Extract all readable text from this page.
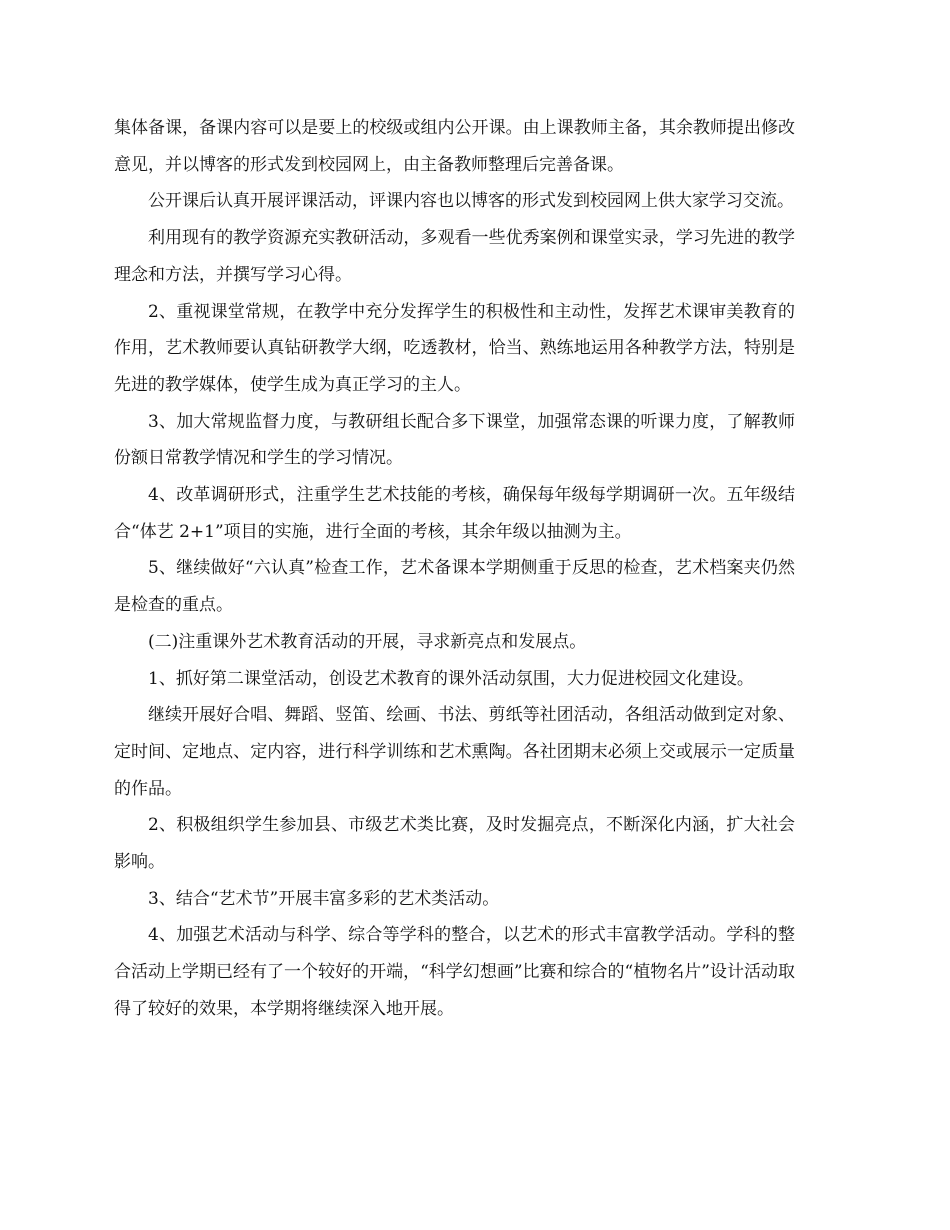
集体备课，备课内容可以是要上的校级或组内公开课。由上课教师主备，其余教师提出修改意见，并以博客的形式发到校园网上，由主备教师整理后完善备课。

公开课后认真开展评课活动，评课内容也以博客的形式发到校园网上供大家学习交流。

利用现有的教学资源充实教研活动，多观看一些优秀案例和课堂实录，学习先进的教学理念和方法，并撰写学习心得。

2、重视课堂常规，在教学中充分发挥学生的积极性和主动性，发挥艺术课审美教育的作用，艺术教师要认真钻研教学大纲，吃透教材，恰当、熟练地运用各种教学方法，特别是先进的教学媒体，使学生成为真正学习的主人。

3、加大常规监督力度，与教研组长配合多下课堂，加强常态课的听课力度，了解教师份额日常教学情况和学生的学习情况。

4、改革调研形式，注重学生艺术技能的考核，确保每年级每学期调研一次。五年级结合“体艺 2+1”项目的实施，进行全面的考核，其余年级以抽测为主。

5、继续做好“六认真”检查工作，艺术备课本学期侧重于反思的检查，艺术档案夹仍然是检查的重点。

(二)注重课外艺术教育活动的开展，寻求新亮点和发展点。

1、抓好第二课堂活动，创设艺术教育的课外活动氛围，大力促进校园文化建设。

继续开展好合唱、舞蹈、竖笛、绘画、书法、剪纸等社团活动，各组活动做到定对象、定时间、定地点、定内容，进行科学训练和艺术熏陶。各社团期末必须上交或展示一定质量的作品。

2、积极组织学生参加县、市级艺术类比赛，及时发掘亮点，不断深化内涵，扩大社会影响。

3、结合“艺术节”开展丰富多彩的艺术类活动。

4、加强艺术活动与科学、综合等学科的整合，以艺术的形式丰富教学活动。学科的整合活动上学期已经有了一个较好的开端，“科学幻想画”比赛和综合的“植物名片”设计活动取得了较好的效果，本学期将继续深入地开展。
